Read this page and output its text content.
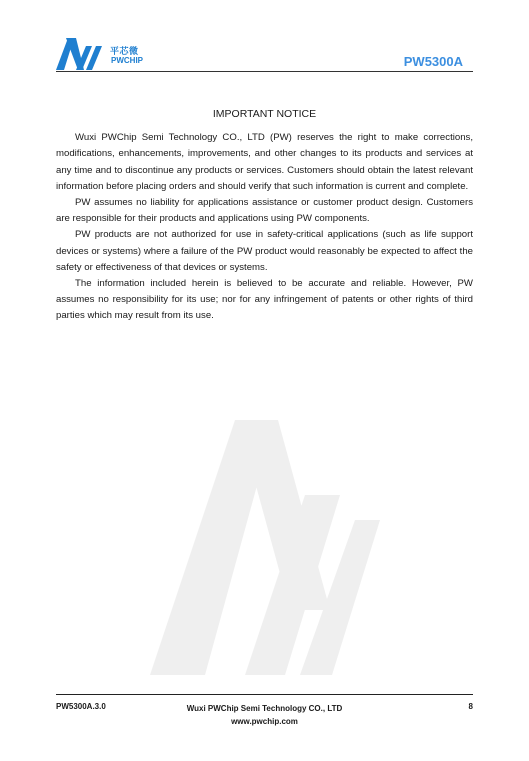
平芯微
PWCHIP	PW5300A
IMPORTANT NOTICE

Wuxi PWChip Semi Technology CO., LTD (PW) reserves the right to make corrections, modifications, enhancements, improvements, and other changes to its products and services at any time and to discontinue any products or services. Customers should obtain the latest relevant information before placing orders and should verify that such information is current and complete.

PW assumes no liability for applications assistance or customer product design. Customers are responsible for their products and applications using PW components.

PW products are not authorized for use in safety-critical applications (such as life support devices or systems) where a failure of the PW product would reasonably be expected to affect the safety or effectiveness of that devices or systems.

The information included herein is believed to be accurate and reliable. However, PW assumes no responsibility for its use; nor for any infringement of patents or other rights of third parties which may result from its use.

PW5300A.3.0	Wuxi PWChip Semi Technology CO., LTD
www.pwchip.com
8
